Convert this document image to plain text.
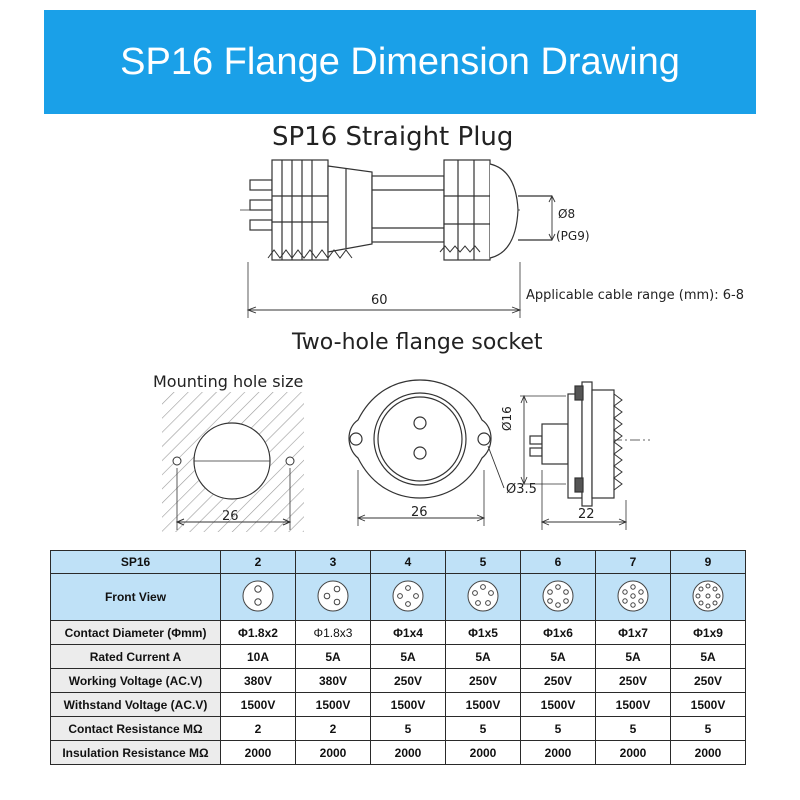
SP16 Flange Dimension Drawing
SP16 Straight Plug
Ø8
(PG9)
60	Applicable cable range (mm): 6-8
Two-hole flange socket
Mounting hole size
26
Ø3.5
Ø16
22
SP16	2	3	4	5	6	7	9
Front View							
Contact Diameter (Φmm)	Φ1.8x2	Φ1.8x3	Φ1x4	Φ1x5	Φ1x6	Φ1x7	Φ1x9
Rated Current A	10A	5A	5A	5A	5A	5A	5A
Working Voltage (AC.V)	380V	380V	250V	250V	250V	250V	250V
Withstand Voltage (AC.V)	1500V	1500V	1500V	1500V	1500V	1500V	1500V
Contact Resistance MΩ	2	2	5	5	5	5	5
Insulation Resistance MΩ	2000	2000	2000	2000	2000	2000	2000
